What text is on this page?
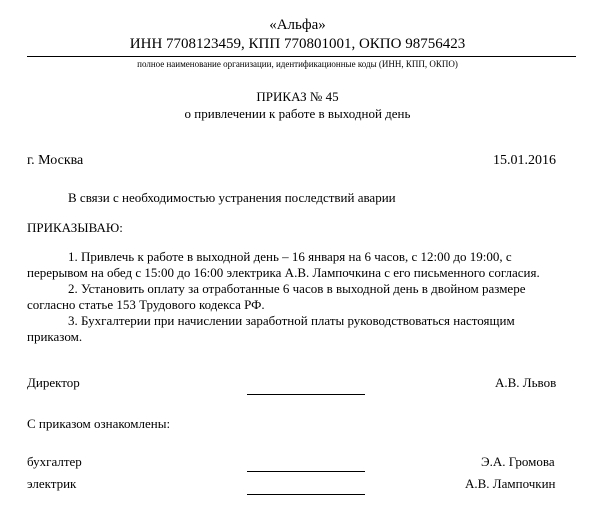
«Альфа»
ИНН 7708123459, КПП 770801001, ОКПО 98756423
полное наименование организации, идентификационные коды (ИНН, КПП, ОКПО)
ПРИКАЗ № 45
о привлечении к работе в выходной день
г. Москва	15.01.2016
В связи с необходимостью устранения последствий аварии
ПРИКАЗЫВАЮ:
1. Привлечь к работе в выходной день – 16 января на 6 часов, с 12:00 до 19:00, с
перерывом на обед с 15:00 до 16:00 электрика А.В. Лампочкина с его письменного согласия.
2. Установить оплату за отработанные 6 часов в выходной день в двойном размере
согласно статье 153 Трудового кодекса РФ.
3. Бухгалтерии при начислении заработной платы руководствоваться настоящим
приказом.
Директор	А.В. Львов
С приказом ознакомлены:
бухгалтер	Э.А. Громова
электрик	А.В. Лампочкин
